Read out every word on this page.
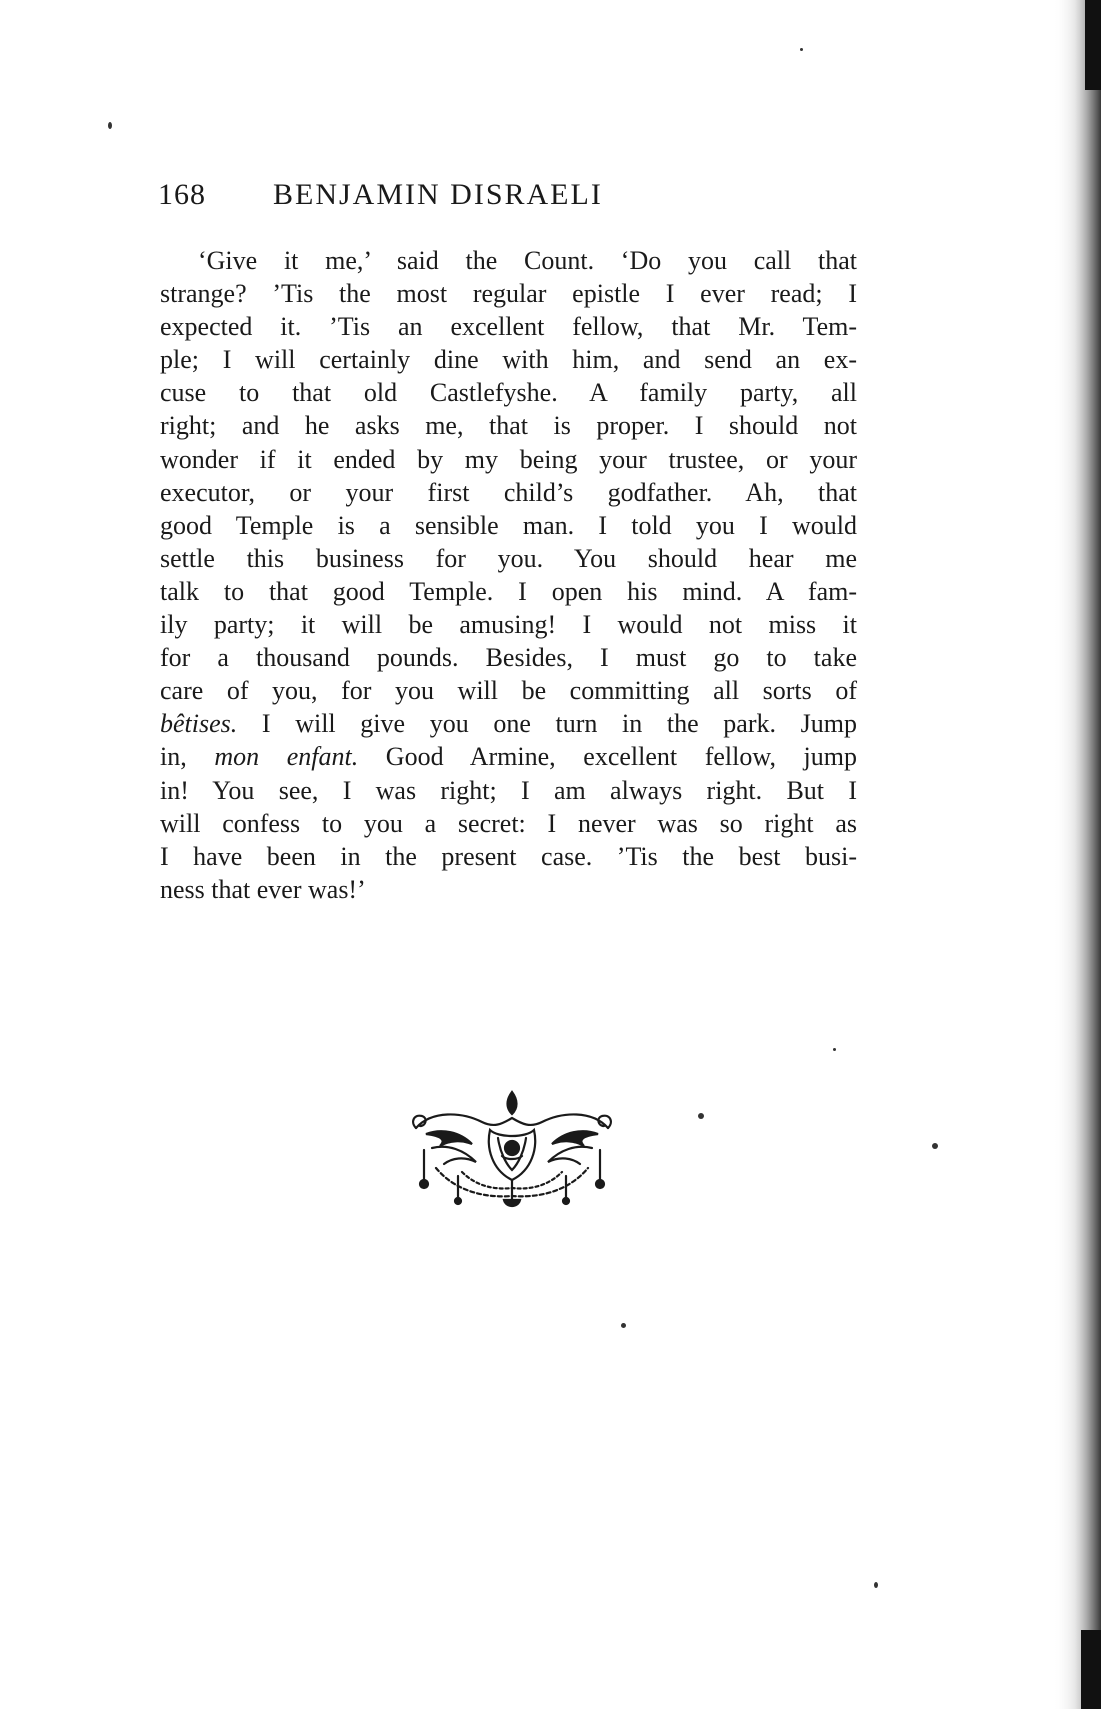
168 BENJAMIN DISRAELI
‘Give it me,’ said the Count. ‘Do you call that
strange? ’Tis the most regular epistle I ever read; I
expected it. ’Tis an excellent fellow, that Mr. Tem-
ple; I will certainly dine with him, and send an ex-
cuse to that old Castlefyshe. A family party, all
right; and he asks me, that is proper. I should not
wonder if it ended by my being your trustee, or your
executor, or your first child’s godfather. Ah, that
good Temple is a sensible man. I told you I would
settle this business for you. You should hear me
talk to that good Temple. I open his mind. A fam-
ily party; it will be amusing! I would not miss it
for a thousand pounds. Besides, I must go to take
care of you, for you will be committing all sorts of
bêtises. I will give you one turn in the park. Jump
in, mon enfant. Good Armine, excellent fellow, jump
in! You see, I was right; I am always right. But I
will confess to you a secret: I never was so right as
I have been in the present case. ’Tis the best busi-
ness that ever was!’
